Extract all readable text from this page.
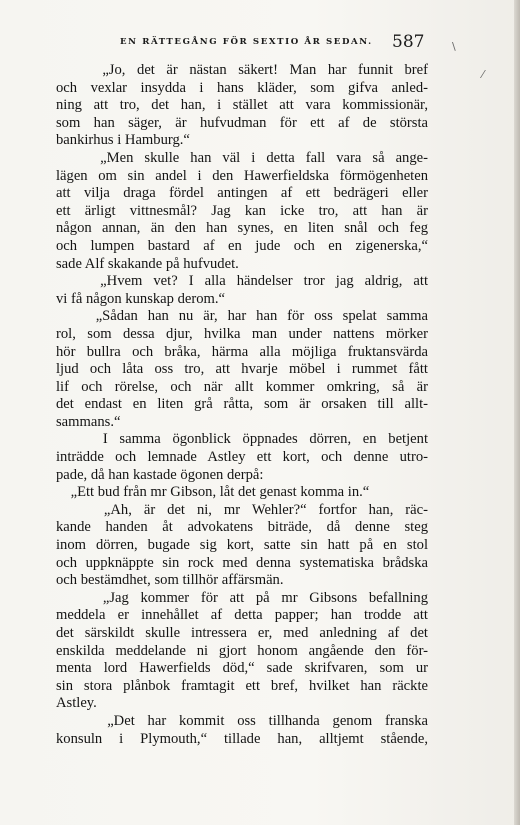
EN RÄTTEGÅNG FÖR SEXTIO ÅR SEDAN. 587	\
⁄
„Jo, det är nästan säkert! Man har funnit bref
och vexlar insydda i hans kläder, som gifva anled-
ning att tro, det han, i stället att vara kommissionär,
som han säger, är hufvudman för ett af de största
bankirhus i Hamburg.“
„Men skulle han väl i detta fall vara så ange-
lägen om sin andel i den Hawerfieldska förmögenheten
att vilja draga fördel antingen af ett bedrägeri eller
ett ärligt vittnesmål? Jag kan icke tro, att han är
någon annan, än den han synes, en liten snål och feg
och lumpen bastard af en jude och en zigenerska,“
sade Alf skakande på hufvudet.
„Hvem vet? I alla händelser tror jag aldrig, att
vi få någon kunskap derom.“
„Sådan han nu är, har han för oss spelat samma
rol, som dessa djur, hvilka man under nattens mörker
hör bullra och bråka, härma alla möjliga fruktansvärda
ljud och låta oss tro, att hvarje möbel i rummet fått
lif och rörelse, och när allt kommer omkring, så är
det endast en liten grå råtta, som är orsaken till allt-
sammans.“
I samma ögonblick öppnades dörren, en betjent
inträdde och lemnade Astley ett kort, och denne utro-
pade, då han kastade ögonen derpå:
„Ett bud från mr Gibson, låt det genast komma in.“
„Ah, är det ni, mr Wehler?“ fortfor han, räc-
kande handen åt advokatens biträde, då denne steg
inom dörren, bugade sig kort, satte sin hatt på en stol
och uppknäppte sin rock med denna systematiska brådska
och bestämdhet, som tillhör affärsmän.
„Jag kommer för att på mr Gibsons befallning
meddela er innehållet af detta papper; han trodde att
det särskildt skulle intressera er, med anledning af det
enskilda meddelande ni gjort honom angående den för-
menta lord Hawerfields död,“ sade skrifvaren, som ur
sin stora plånbok framtagit ett bref, hvilket han räckte
Astley.
„Det har kommit oss tillhanda genom franska
konsuln i Plymouth,“ tillade han, alltjemt stående,
